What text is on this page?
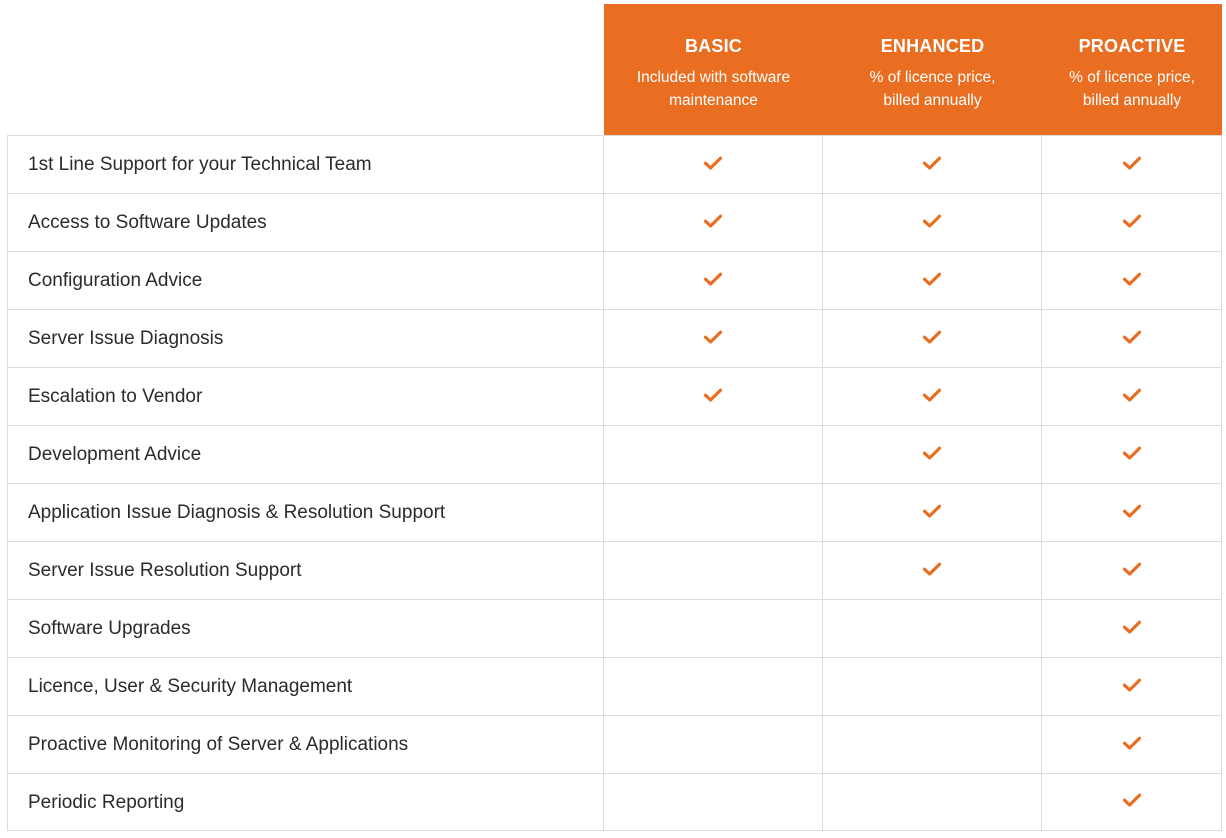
BASIC
Included with software
maintenance
ENHANCED
% of licence price,
billed annually
PROACTIVE
% of licence price,
billed annually
1st Line Support for your Technical Team
Access to Software Updates
Configuration Advice
Server Issue Diagnosis
Escalation to Vendor
Development Advice
Application Issue Diagnosis & Resolution Support
Server Issue Resolution Support
Software Upgrades
Licence, User & Security Management
Proactive Monitoring of Server & Applications
Periodic Reporting
